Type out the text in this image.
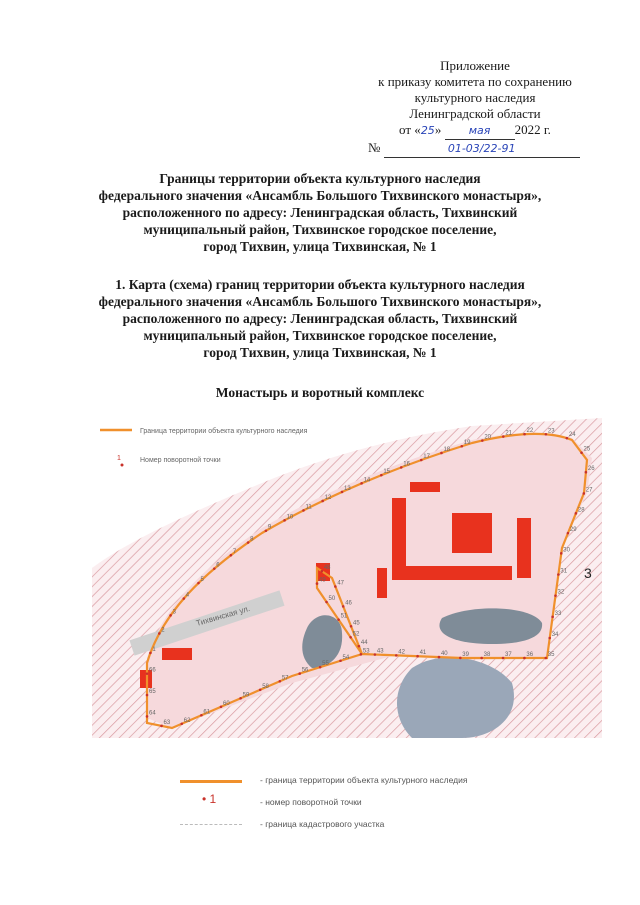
Приложение
к приказу комитета по сохранению
культурного наследия
Ленинградской области
от «25» мая 2022 г.
№	01-03/22-91
Границы территории объекта культурного наследия
федерального значения «Ансамбль Большого Тихвинского монастыря»,
расположенного по адресу: Ленинградская область, Тихвинский
муниципальный район, Тихвинское городское поселение,
город Тихвин, улица Тихвинская, № 1
1. Карта (схема) границ территории объекта культурного наследия
федерального значения «Ансамбль Большого Тихвинского монастыря»,
расположенного по адресу: Ленинградская область, Тихвинский
муниципальный район, Тихвинское городское поселение,
город Тихвин, улица Тихвинская, № 1
Монастырь и воротный комплекс
Тихвинская ул.
Граница территории объекта культурного наследия
1	Номер поворотной точки
3
1
2
3
4
5
6
7
8
9
10
11
12
13
14
15
16
17
18
19
20
21 22 23
24
25
26
27
28
29
30
31
32
33
34
35
36
37
38
39
40
41
42
43
44
45
46
47
48
49
50
51
52
53
54
55
56
57
58
59
60
61
62
63
64
65
66
- граница территории объекта культурного наследия
• 1	- номер поворотной точки
- граница кадастрового участка
